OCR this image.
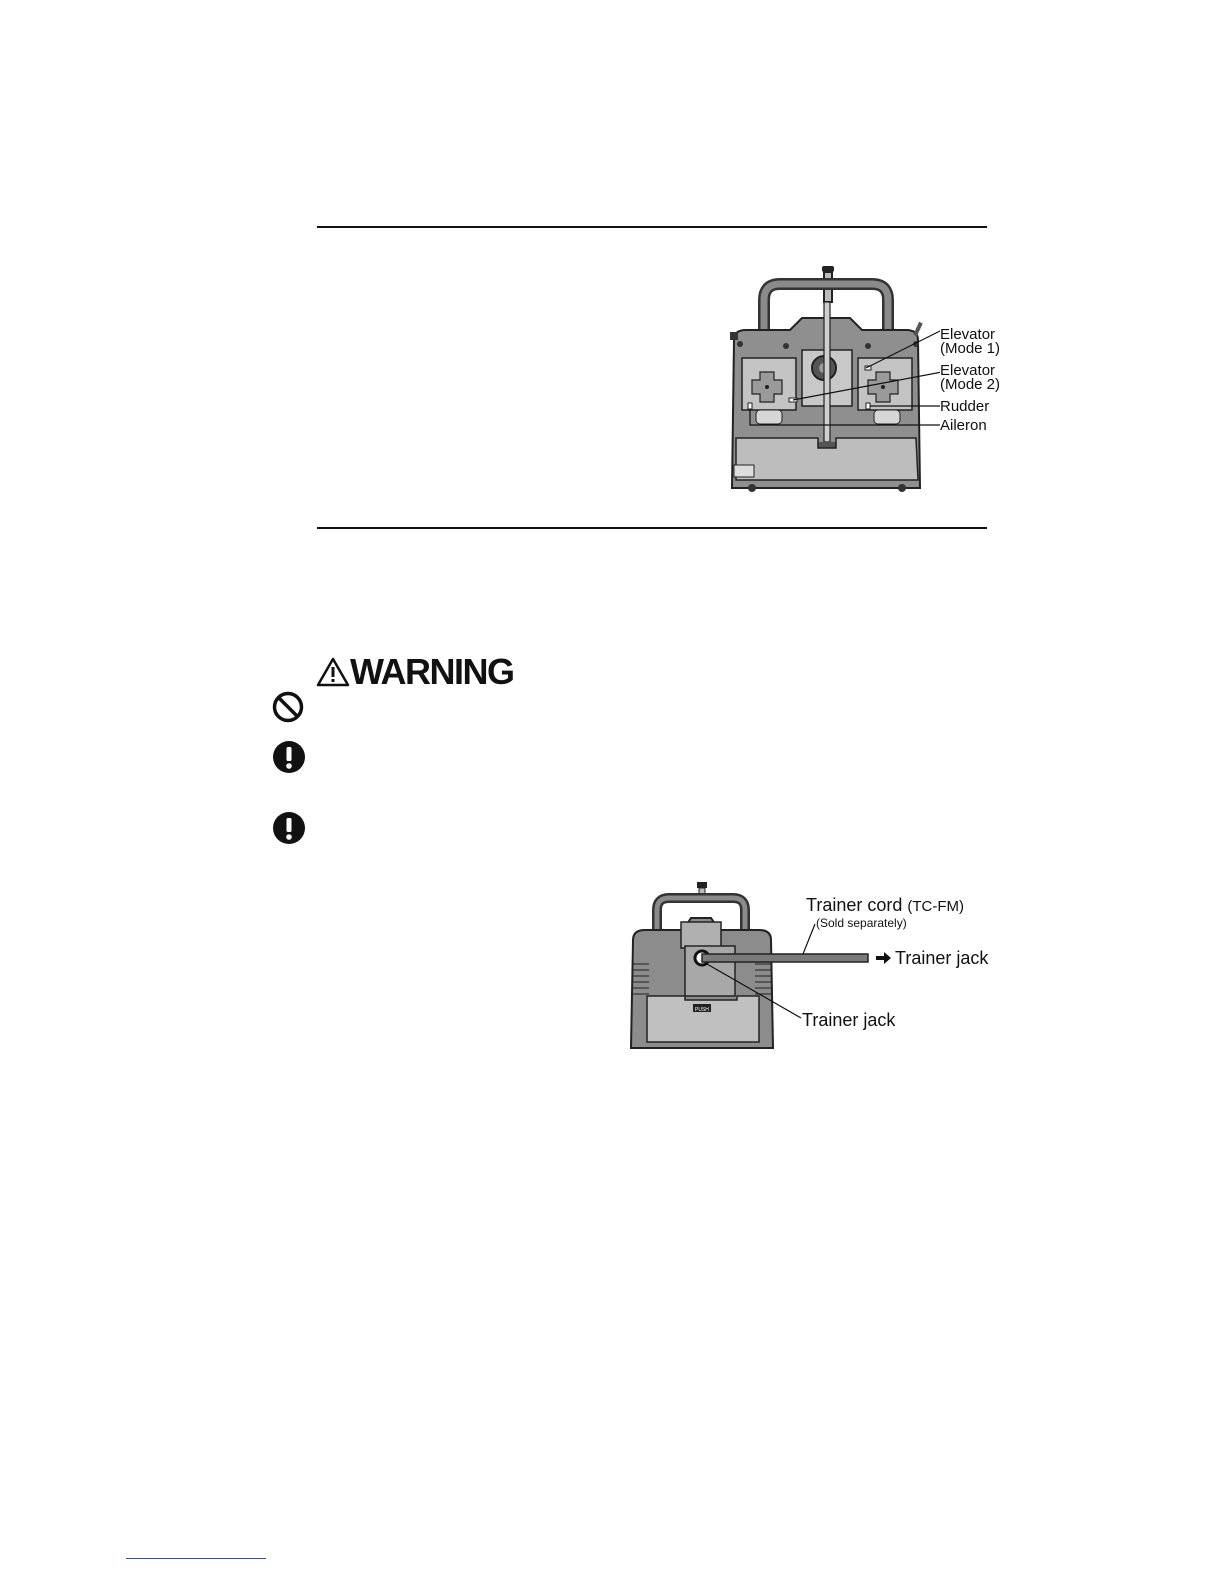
Elevator
(Mode 1)
Elevator
(Mode 2)
Rudder
Aileron
WARNING
PUSH
Trainer cord (TC-FM)
(Sold separately)
Trainer jack
Trainer jack
